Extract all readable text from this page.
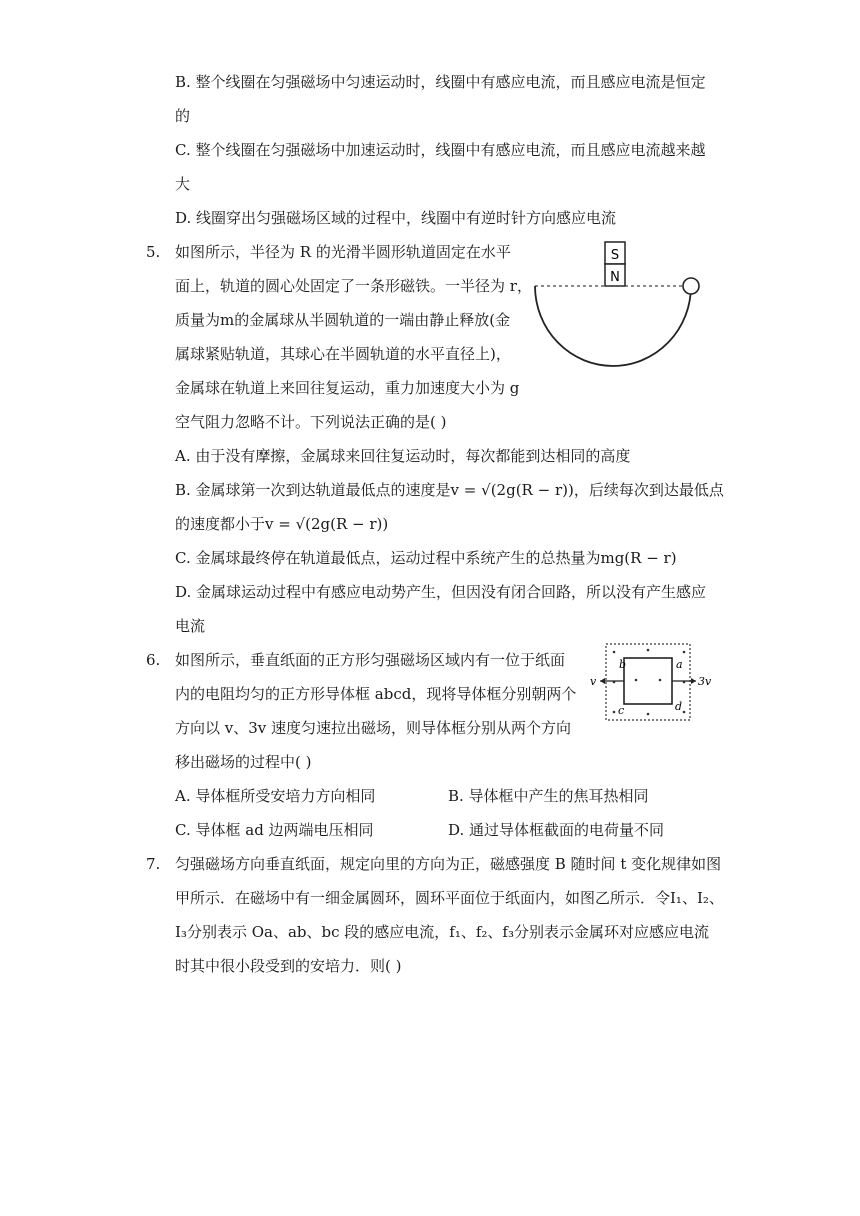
B. 整个线圈在匀强磁场中匀速运动时，线圈中有感应电流，而且感应电流是恒定
的
C. 整个线圈在匀强磁场中加速运动时，线圈中有感应电流，而且感应电流越来越
大
D. 线圈穿出匀强磁场区域的过程中，线圈中有逆时针方向感应电流
5. 如图所示，半径为 R 的光滑半圆形轨道固定在水平
面上，轨道的圆心处固定了一条形磁铁。一半径为 r，
质量为m的金属球从半圆轨道的一端由静止释放(金
属球紧贴轨道，其球心在半圆轨道的水平直径上)，
金属球在轨道上来回往复运动，重力加速度大小为 g
空气阻力忽略不计。下列说法正确的是( )
S
N
A. 由于没有摩擦，金属球来回往复运动时，每次都能到达相同的高度
B. 金属球第一次到达轨道最低点的速度是v = √(2g(R − r))，后续每次到达最低点
的速度都小于v = √(2g(R − r))
C. 金属球最终停在轨道最低点，运动过程中系统产生的总热量为mg(R − r)
D. 金属球运动过程中有感应电动势产生，但因没有闭合回路，所以没有产生感应
电流
6. 如图所示，垂直纸面的正方形匀强磁场区域内有一位于纸面
内的电阻均匀的正方形导体框 abcd，现将导体框分别朝两个
方向以 v、3v 速度匀速拉出磁场，则导体框分别从两个方向
移出磁场的过程中( )
b	a
c	d
v	3v
A. 导体框所受安培力方向相同	B. 导体框中产生的焦耳热相同
C. 导体框 ad 边两端电压相同	D. 通过导体框截面的电荷量不同
7. 匀强磁场方向垂直纸面，规定向里的方向为正，磁感强度 B 随时间 t 变化规律如图
甲所示．在磁场中有一细金属圆环，圆环平面位于纸面内，如图乙所示．令I₁、I₂、
I₃分别表示 Oa、ab、bc 段的感应电流，f₁、f₂、f₃分别表示金属环对应感应电流
时其中很小段受到的安培力．则( )
